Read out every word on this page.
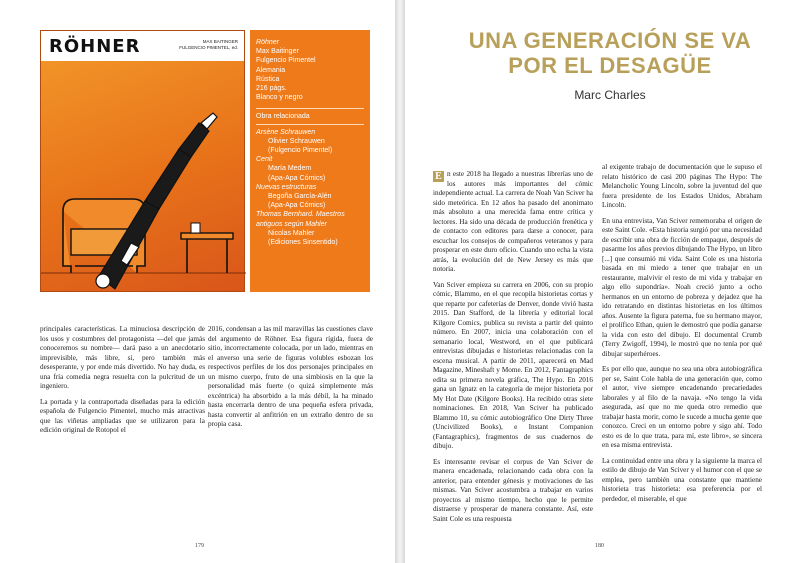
RÖHNER	MAX BAITINGER
FULGENCIO PIMENTEL, ed.
Röhner
Max Baitinger
Fulgencio Pimentel
Alemania
Rústica
216 págs.
Blanco y negro
Obra relacionada
Arsène Schrauwen
Olivier Schrauwen
(Fulgencio Pimentel)
Cenit
María Medem
(Apa-Apa Cómics)
Nuevas estructuras
Begoña García-Alén
(Apa-Apa Cómics)
Thomas Bernhard. Maestros antiguos según Mahler
Nicolas Mahler
(Ediciones Sinsentido)

principales características. La minuciosa descripción de los usos y costumbres del protagonista —del que jamás conoceremos su nombre— dará paso a un anecdotario imprevisible, más libre, sí, pero también más desesperante, y por ende más divertido. No hay duda, es una fría comedia negra resuelta con la pulcritud de un ingeniero.

La portada y la contraportada diseñadas para la edición española de Fulgencio Pimentel, mucho más atractivas que las viñetas ampliadas que se utilizaron para la edición original de Rotopol el

2016, condensan a las mil maravillas las cuestiones clave del argumento de Röhner. Esa figura rígida, fuera de sitio, incorrectamente colocada, por un lado, mientras en el anverso una serie de figuras volubles esbozan los respectivos perfiles de los dos personajes principales en un mismo cuerpo, fruto de una simbiosis en la que la personalidad más fuerte (o quizá simplemente más excéntrica) ha absorbido a la más débil, la ha minado hasta encerrarla dentro de una pequeña esfera privada, hasta convertir al anfitrión en un extraño dentro de su propia casa.

179
UNA GENERACIÓN SE VA
POR EL DESAGÜE
Marc Charles

E n este 2018 ha llegado a nuestras librerías uno de los autores más importantes del cómic independiente actual. La carrera de Noah Van Sciver ha sido meteórica. En 12 años ha pasado del anonimato más absoluto a una merecida fama entre crítica y lectores. Ha sido una década de producción frenética y de contacto con editores para darse a conocer, para escuchar los consejos de compañeros veteranos y para prosperar en este duro oficio. Cuando uno echa la vista atrás, la evolución del de New Jersey es más que notoria.

Van Sciver empieza su carrera en 2006, con su propio cómic, Blammo, en el que recopila historietas cortas y que reparte por cafeterías de Denver, donde vivió hasta 2015. Dan Stafford, de la librería y editorial local Kilgore Comics, publica su revista a partir del quinto número. En 2007, inicia una colaboración con el semanario local, Westword, en el que publicará entrevistas dibujadas e historietas relacionadas con la escena musical. A partir de 2011, aparecerá en Mad Magazine, Mineshaft y Mome. En 2012, Fantagraphics edita su primera novela gráfica, The Hypo. En 2016 gana un Ignatz en la categoría de mejor historieta por My Hot Date (Kilgore Books). Ha recibido otras siete nominaciones. En 2018, Van Sciver ha publicado Blammo 10, su cómic autobiográfico One Dirty Three (Uncivilized Books), e Instant Companion (Fantagraphics), fragmentos de sus cuadernos de dibujo.

Es interesante revisar el corpus de Van Sciver de manera encadenada, relacionando cada obra con la anterior, para entender génesis y motivaciones de las mismas. Van Sciver acostumbra a trabajar en varios proyectos al mismo tiempo, hecho que le permite distraerse y prosperar de manera constante. Así, este Saint Cole es una respuesta

al exigente trabajo de documentación que le supuso el relato histórico de casi 200 páginas The Hypo: The Melancholic Young Lincoln, sobre la juventud del que fuera presidente de los Estados Unidos, Abraham Lincoln.

En una entrevista, Van Sciver rememoraba el origen de este Saint Cole. «Esta historia surgió por una necesidad de escribir una obra de ficción de empaque, después de pasarme los años previos dibujando The Hypo, un libro [...] que consumió mi vida. Saint Cole es una historia basada en mi miedo a tener que trabajar en un restaurante, malvivir el resto de mi vida y trabajar en algo ello supondría». Noah creció junto a ocho hermanos en un entorno de pobreza y dejadez que ha ido retratando en distintas historietas en los últimos años. Ausente la figura paterna, fue su hermano mayor, el prolífico Ethan, quien le demostró que podía ganarse la vida con esto del dibujo. El documental Crumb (Terry Zwigoff, 1994), le mostró que no tenía por qué dibujar superhéroes.

Es por ello que, aunque no sea una obra autobiográfica per se, Saint Cole habla de una generación que, como el autor, vive siempre encadenando precariedades laborales y al filo de la navaja. «No tengo la vida asegurada, así que no me queda otro remedio que trabajar hasta morir, como le sucede a mucha gente que conozco. Creci en un entorno pobre y sigo ahí. Todo esto es de lo que trata, para mí, este libro», se sincera en esa misma entrevista.

La continuidad entre una obra y la siguiente la marca el estilo de dibujo de Van Sciver y el humor con el que se emplea, pero también una constante que mantiene historieta tras historieta: esa preferencia por el perdedor, el miserable, el que

180
